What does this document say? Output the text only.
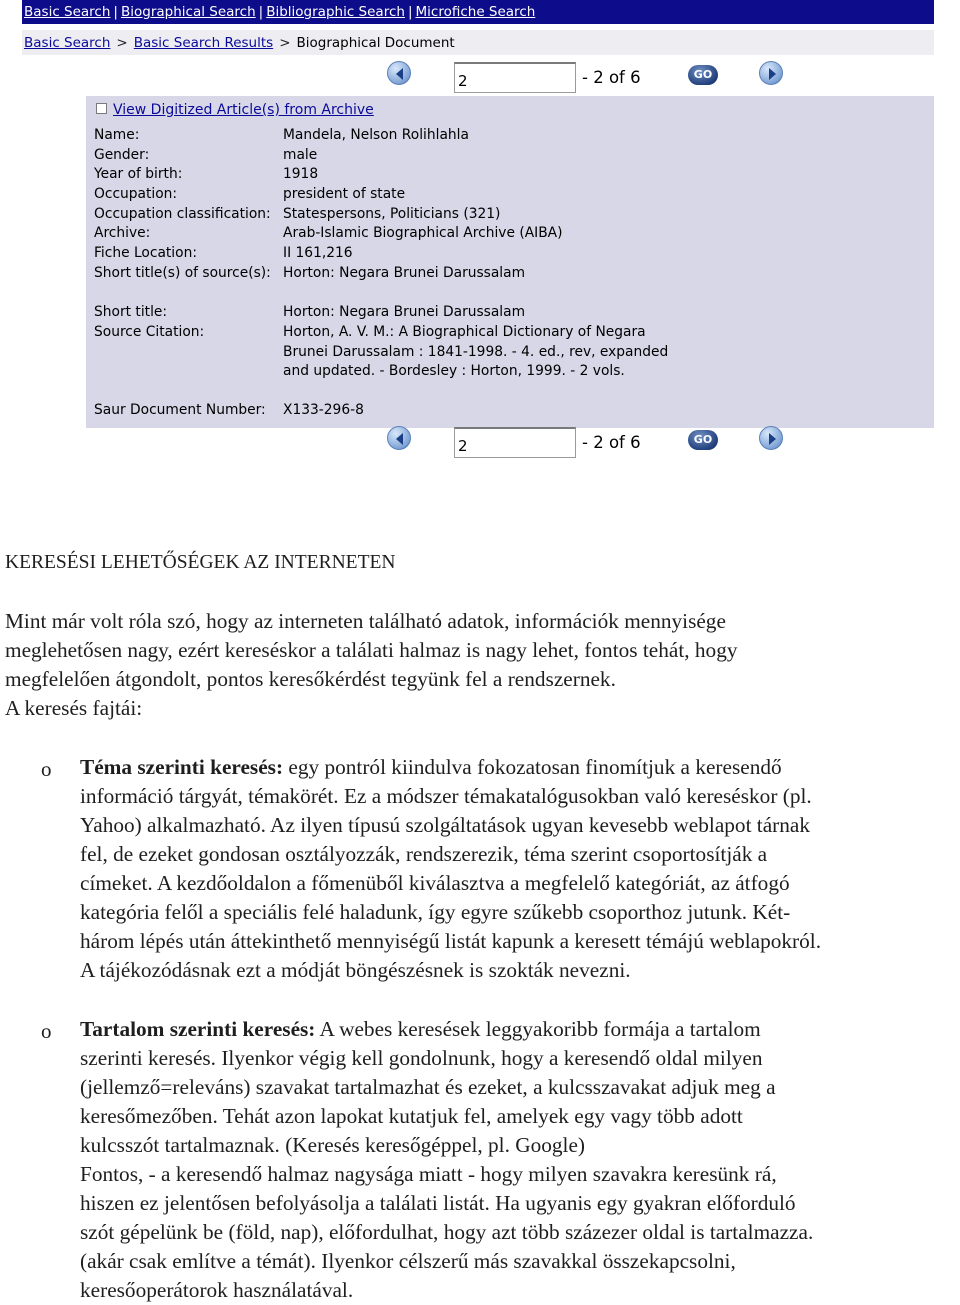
Basic Search | Biographical Search | Bibliographic Search | Microfiche Search
Basic Search > Basic Search Results > Biographical Document
2
- 2 of 6	GO
View Digitized Article(s) from Archive
Name:	Mandela, Nelson Rolihlahla
Gender:	male
Year of birth:	1918
Occupation:	president of state
Occupation classification: Statespersons, Politicians (321)
Archive:	Arab-Islamic Biographical Archive (AIBA)
Fiche Location:	II 161,216
Short title(s) of source(s): Horton: Negara Brunei Darussalam
Short title:	Horton: Negara Brunei Darussalam
Source Citation:	Horton, A. V. M.: A Biographical Dictionary of Negara
Brunei Darussalam : 1841-1998. - 4. ed., rev, expanded
and updated. - Bordesley : Horton, 1999. - 2 vols.
Saur Document Number: X133-296-8
2
- 2 of 6	GO
KERESÉSI LEHETŐSÉGEK AZ INTERNETEN
Mint már volt róla szó, hogy az interneten található adatok, információk mennyisége
meglehetősen nagy, ezért kereséskor a találati halmaz is nagy lehet, fontos tehát, hogy
megfelelően átgondolt, pontos keresőkérdést tegyünk fel a rendszernek.
A keresés fajtái:
o Téma szerinti keresés: egy pontról kiindulva fokozatosan finomítjuk a keresendő
információ tárgyát, témakörét. Ez a módszer témakatalógusokban való kereséskor (pl.
Yahoo) alkalmazható. Az ilyen típusú szolgáltatások ugyan kevesebb weblapot tárnak
fel, de ezeket gondosan osztályozzák, rendszerezik, téma szerint csoportosítják a
címeket. A kezdőoldalon a főmenüből kiválasztva a megfelelő kategóriát, az átfogó
kategória felől a speciális felé haladunk, így egyre szűkebb csoporthoz jutunk. Két-
három lépés után áttekinthető mennyiségű listát kapunk a keresett témájú weblapokról.
A tájékozódásnak ezt a módját böngészésnek is szokták nevezni.
o Tartalom szerinti keresés: A webes keresések leggyakoribb formája a tartalom
szerinti keresés. Ilyenkor végig kell gondolnunk, hogy a keresendő oldal milyen
(jellemző=releváns) szavakat tartalmazhat és ezeket, a kulcsszavakat adjuk meg a
keresőmezőben. Tehát azon lapokat kutatjuk fel, amelyek egy vagy több adott
kulcsszót tartalmaznak. (Keresés keresőgéppel, pl. Google)
Fontos, - a keresendő halmaz nagysága miatt - hogy milyen szavakra keresünk rá,
hiszen ez jelentősen befolyásolja a találati listát. Ha ugyanis egy gyakran előforduló
szót gépelünk be (föld, nap), előfordulhat, hogy azt több százezer oldal is tartalmazza.
(akár csak említve a témát). Ilyenkor célszerű más szavakkal összekapcsolni,
keresőoperátorok használatával.
